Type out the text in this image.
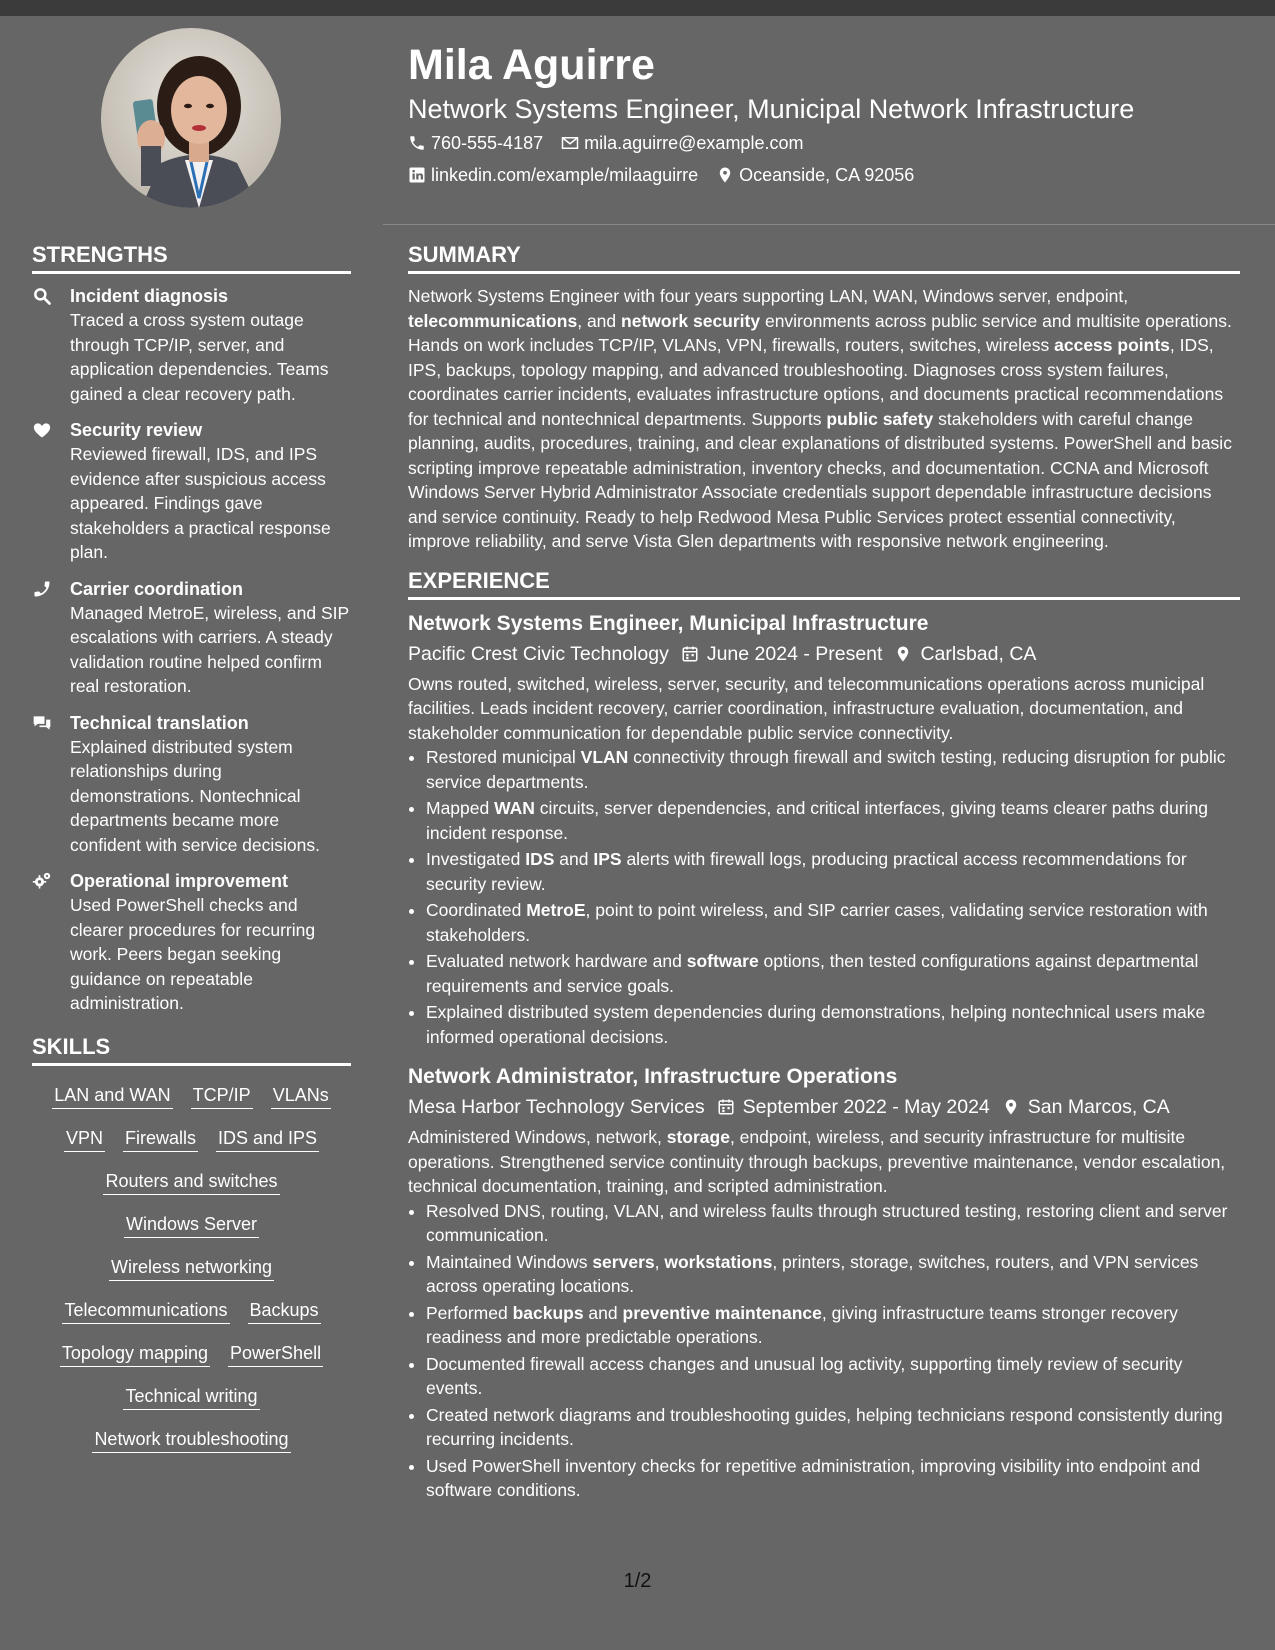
Mila Aguirre
Network Systems Engineer, Municipal Network Infrastructure
760-555-4187 mila.aguirre@example.com
linkedin.com/example/milaaguirre Oceanside, CA 92056
STRENGTHS
Incident diagnosis
Traced a cross system outage through TCP/IP, server, and application dependencies. Teams gained a clear recovery path.
Security review
Reviewed firewall, IDS, and IPS evidence after suspicious access appeared. Findings gave stakeholders a practical response plan.
Carrier coordination
Managed MetroE, wireless, and SIP escalations with carriers. A steady validation routine helped confirm real restoration.
Technical translation
Explained distributed system relationships during demonstrations. Nontechnical departments became more confident with service decisions.
Operational improvement
Used PowerShell checks and clearer procedures for recurring work. Peers began seeking guidance on repeatable administration.
SKILLS
LAN and WAN TCP/IP VLANs
VPN Firewalls IDS and IPS
Routers and switches
Windows Server
Wireless networking
Telecommunications Backups
Topology mapping PowerShell
Technical writing
Network troubleshooting
SUMMARY

Network Systems Engineer with four years supporting LAN, WAN, Windows server, endpoint, telecommunications, and network security environments across public service and multisite operations. Hands on work includes TCP/IP, VLANs, VPN, firewalls, routers, switches, wireless access points, IDS, IPS, backups, topology mapping, and advanced troubleshooting. Diagnoses cross system failures, coordinates carrier incidents, evaluates infrastructure options, and documents practical recommendations for technical and nontechnical departments. Supports public safety stakeholders with careful change planning, audits, procedures, training, and clear explanations of distributed systems. PowerShell and basic scripting improve repeatable administration, inventory checks, and documentation. CCNA and Microsoft Windows Server Hybrid Administrator Associate credentials support dependable infrastructure decisions and service continuity. Ready to help Redwood Mesa Public Services protect essential connectivity, improve reliability, and serve Vista Glen departments with responsive network engineering.

EXPERIENCE
Network Systems Engineer, Municipal Infrastructure
Pacific Crest Civic Technology June 2024 - Present Carlsbad, CA

Owns routed, switched, wireless, server, security, and telecommunications operations across municipal facilities. Leads incident recovery, carrier coordination, infrastructure evaluation, documentation, and stakeholder communication for dependable public service connectivity.

• Restored municipal VLAN connectivity through firewall and switch testing, reducing disruption for public service departments.
• Mapped WAN circuits, server dependencies, and critical interfaces, giving teams clearer paths during incident response.
• Investigated IDS and IPS alerts with firewall logs, producing practical access recommendations for security review.
• Coordinated MetroE, point to point wireless, and SIP carrier cases, validating service restoration with stakeholders.
• Evaluated network hardware and software options, then tested configurations against departmental requirements and service goals.
• Explained distributed system dependencies during demonstrations, helping nontechnical users make informed operational decisions.
Network Administrator, Infrastructure Operations
Mesa Harbor Technology Services September 2022 - May 2024 San Marcos, CA

Administered Windows, network, storage, endpoint, wireless, and security infrastructure for multisite operations. Strengthened service continuity through backups, preventive maintenance, vendor escalation, technical documentation, training, and scripted administration.

• Resolved DNS, routing, VLAN, and wireless faults through structured testing, restoring client and server communication.
• Maintained Windows servers, workstations, printers, storage, switches, routers, and VPN services across operating locations.
• Performed backups and preventive maintenance, giving infrastructure teams stronger recovery readiness and more predictable operations.
• Documented firewall access changes and unusual log activity, supporting timely review of security events.
• Created network diagrams and troubleshooting guides, helping technicians respond consistently during recurring incidents.
• Used PowerShell inventory checks for repetitive administration, improving visibility into endpoint and software conditions.
1/2
